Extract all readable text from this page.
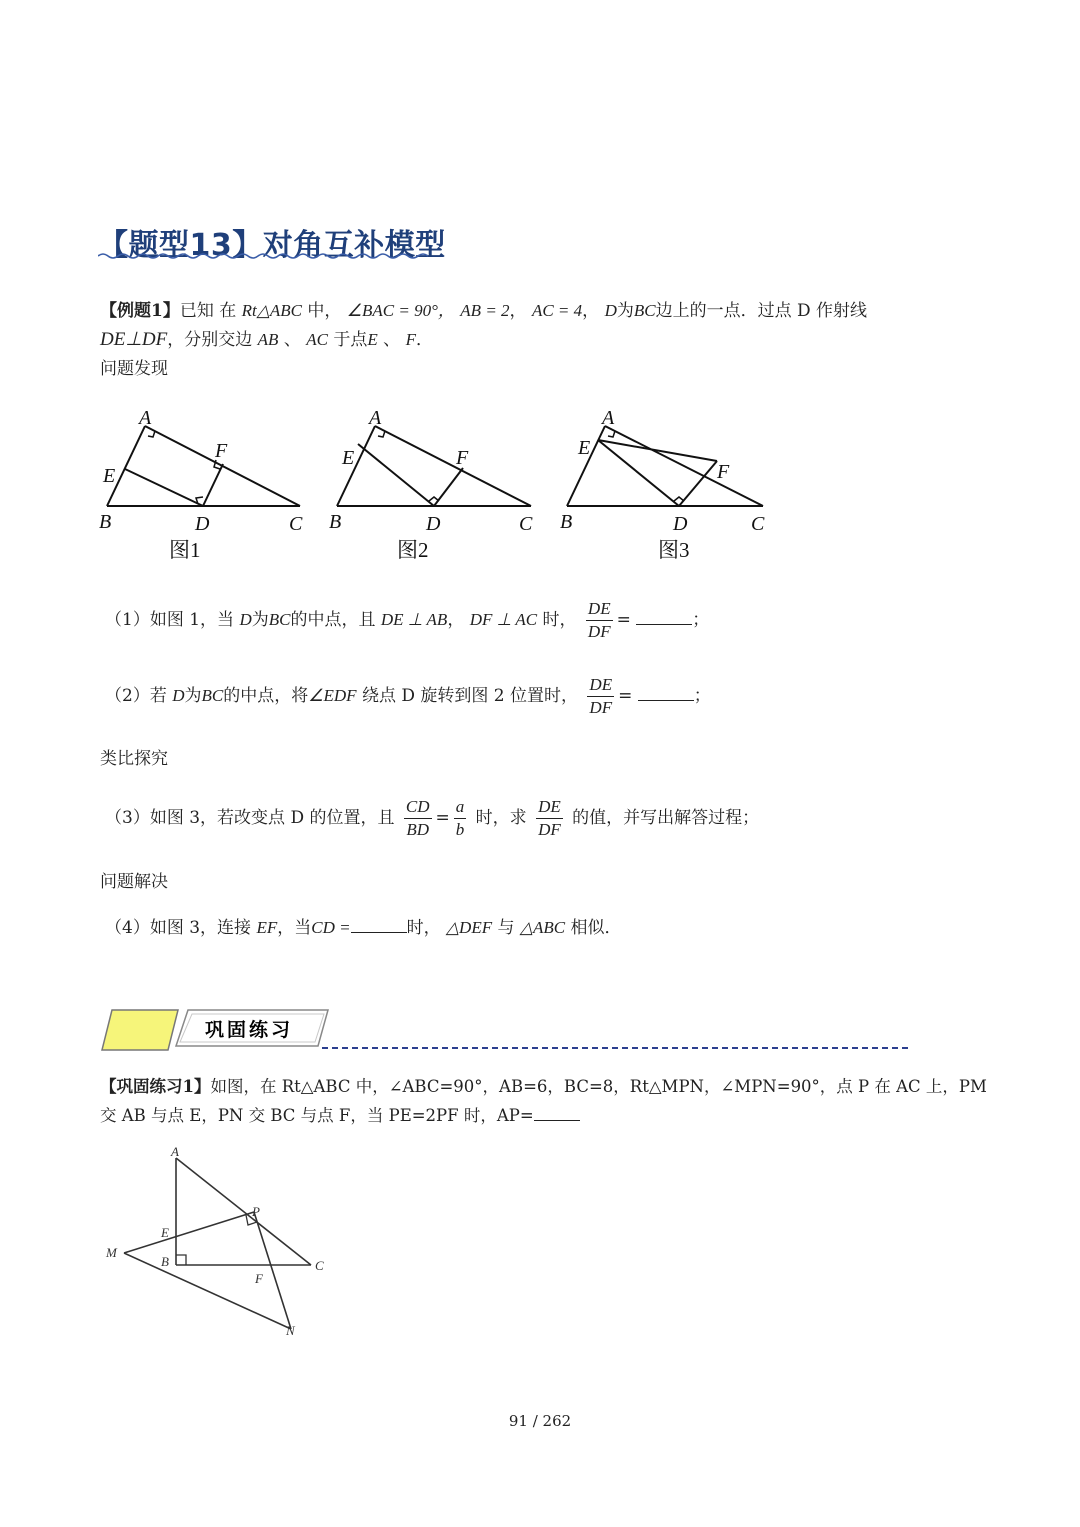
【题型13】对角互补模型
【例题1】已知 在 Rt△ABC 中， ∠BAC = 90°， AB = 2， AC = 4， D为BC边上的一点．过点 D 作射线
DE⊥DF，分别交边 AB 、 AC 于点E 、 F．
问题发现
A
E
F
B	D	C
A
E	F
B	D	C
A
E
F
B	D	C
图1	图2	图3
（1）如图 1，当 D为BC的中点，且 DE ⊥ AB， DF ⊥ AC 时， $\frac{DE}{DF}$ =	；
（2）若 D为BC的中点，将∠EDF 绕点 D 旋转到图 2 位置时， $\frac{DE}{DF}$ =	；
类比探究
（3）如图 3，若改变点 D 的位置，且 $\frac{CD}{BD} = \frac{a}{b}$ 时，求 $\frac{DE}{DF}$ 的值，并写出解答过程；
问题解决
（4）如图 3，连接 EF，当CD =	时， △DEF 与 △ABC 相似．
巩固练习
【巩固练习1】如图，在 Rt△ABC 中，∠ABC=90°，AB=6，BC=8，Rt△MPN，∠MPN=90°，点 P 在 AC 上，PM
交 AB 与点 E，PN 交 BC 与点 F，当 PE=2PF 时，AP=
A
E
B	C
M
P
F
N
91 / 262
